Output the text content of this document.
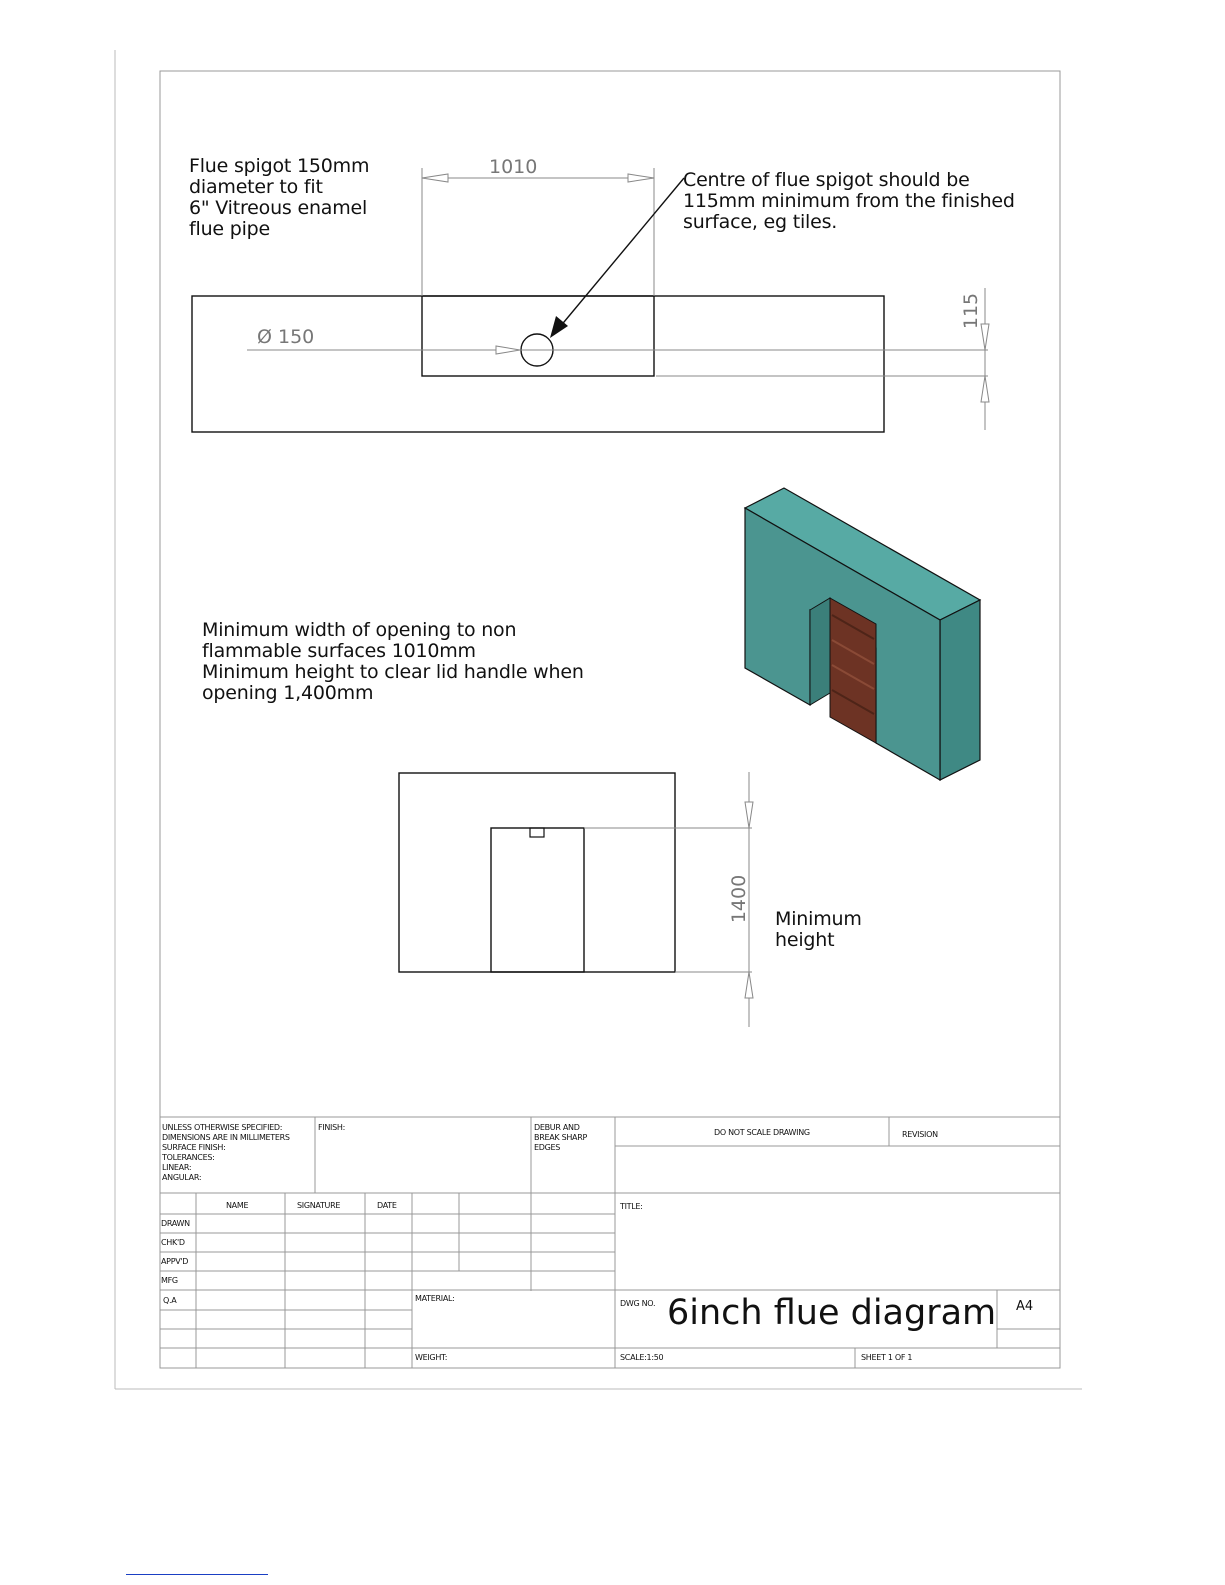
Flue spigot 150mm
diameter to fit
6" Vitreous enamel
flue pipe
Centre of flue spigot should be
115mm minimum from the finished
surface, eg tiles.
Minimum width of opening to non
flammable surfaces 1010mm
Minimum height to clear lid handle when
opening 1,400mm
Minimum
height
1010
Ø 150
115
1400
UNLESS OTHERWISE SPECIFIED:
DIMENSIONS ARE IN MILLIMETERS
SURFACE FINISH:
TOLERANCES:
LINEAR:
ANGULAR:
FINISH:	DEBUR AND
BREAK SHARP
EDGES
DO NOT SCALE DRAWING	REVISION
NAME	SIGNATURE	DATE
DRAWN
CHK'D
APPV'D
MFG
Q.A
TITLE:
MATERIAL:
WEIGHT:
DWG NO. 6inch flue diagram A4
SCALE:1:50	SHEET 1 OF 1
